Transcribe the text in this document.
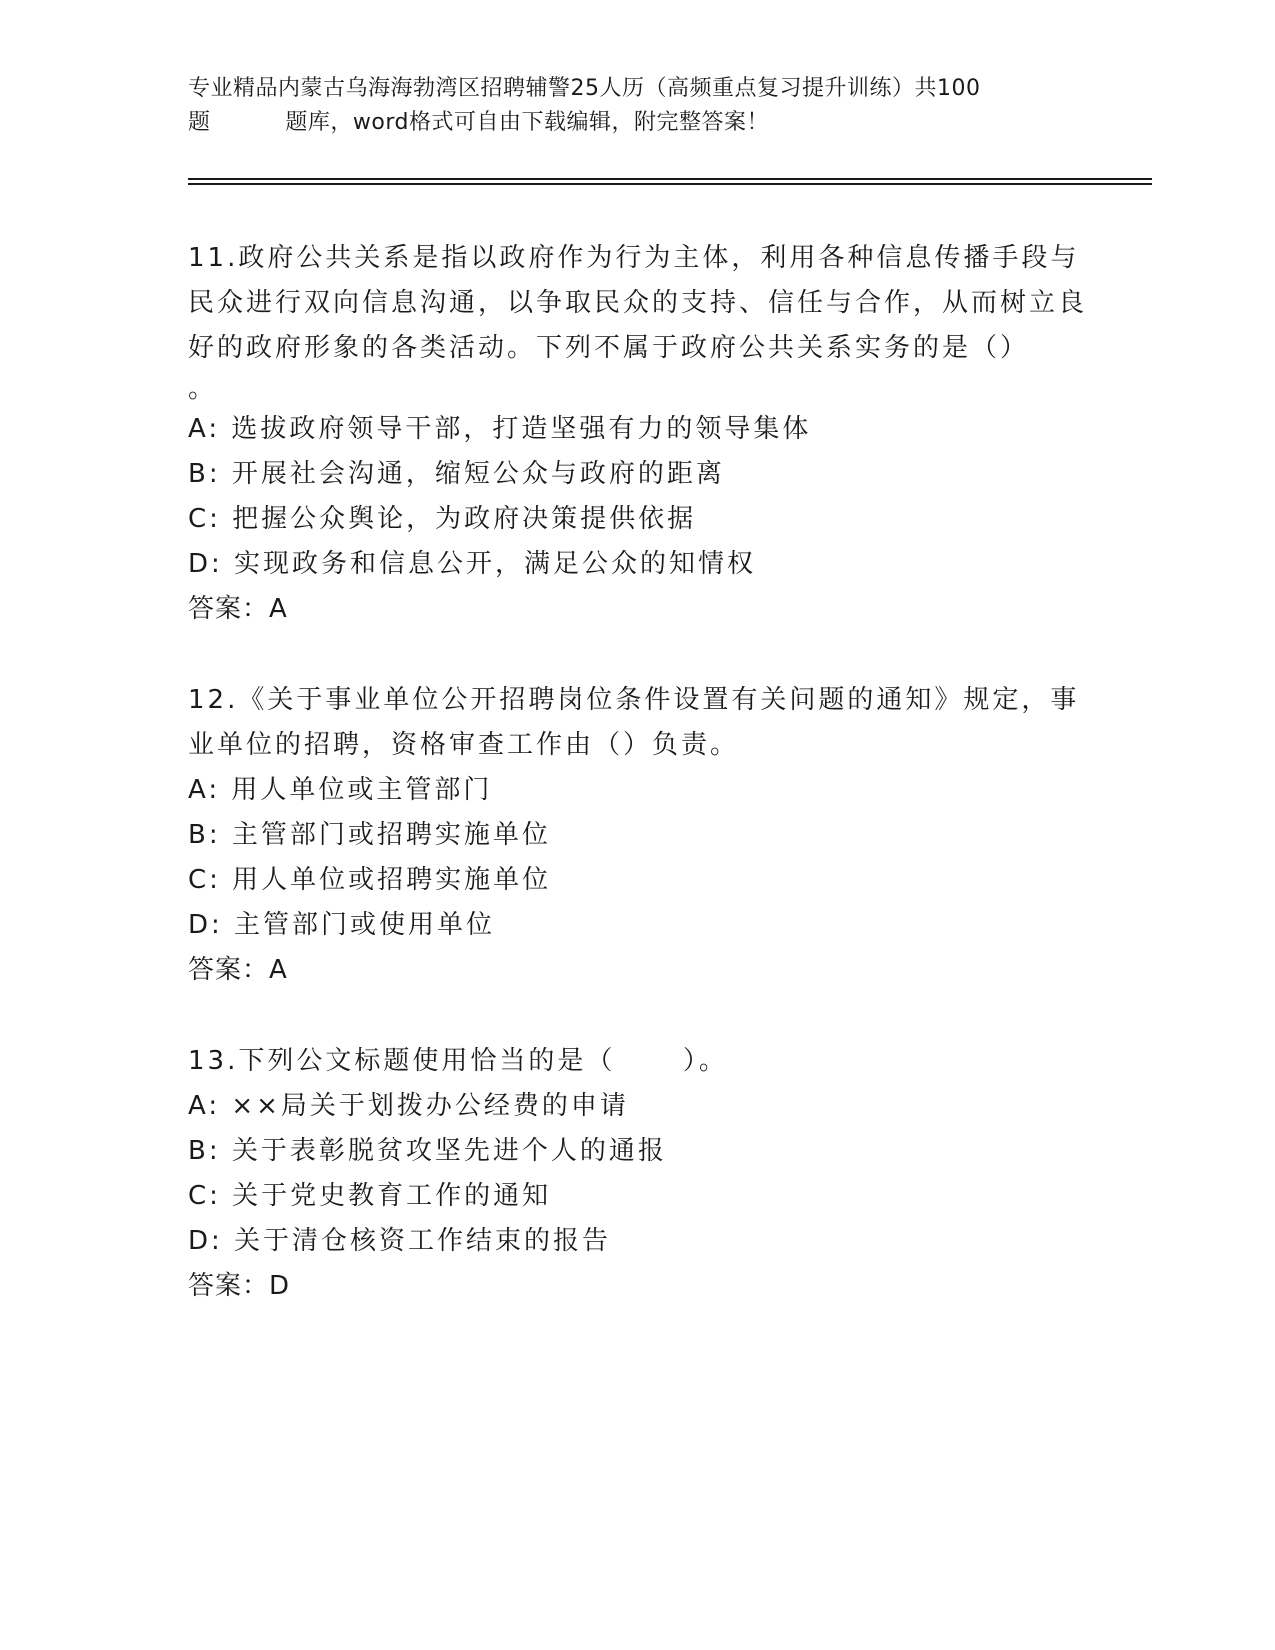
专业精品内蒙古乌海海勃湾区招聘辅警25人历（高频重点复习提升训练）共100

题          题库，word格式可自由下载编辑，附完整答案！

11.政府公共关系是指以政府作为行为主体，利用各种信息传播手段与民众进行双向信息沟通，以争取民众的支持、信任与合作，从而树立良好的政府形象的各类活动。下列不属于政府公共关系实务的是（）

。

A: 选拔政府领导干部，打造坚强有力的领导集体

B: 开展社会沟通，缩短公众与政府的距离

C: 把握公众舆论，为政府决策提供依据

D: 实现政务和信息公开，满足公众的知情权

答案：A

12.《关于事业单位公开招聘岗位条件设置有关问题的通知》规定，事业单位的招聘，资格审查工作由（）负责。

A: 用人单位或主管部门

B: 主管部门或招聘实施单位

C: 用人单位或招聘实施单位

D: 主管部门或使用单位

答案：A

13.下列公文标题使用恰当的是（      ）。

A: ××局关于划拨办公经费的申请

B: 关于表彰脱贫攻坚先进个人的通报

C: 关于党史教育工作的通知

D: 关于清仓核资工作结束的报告

答案：D
